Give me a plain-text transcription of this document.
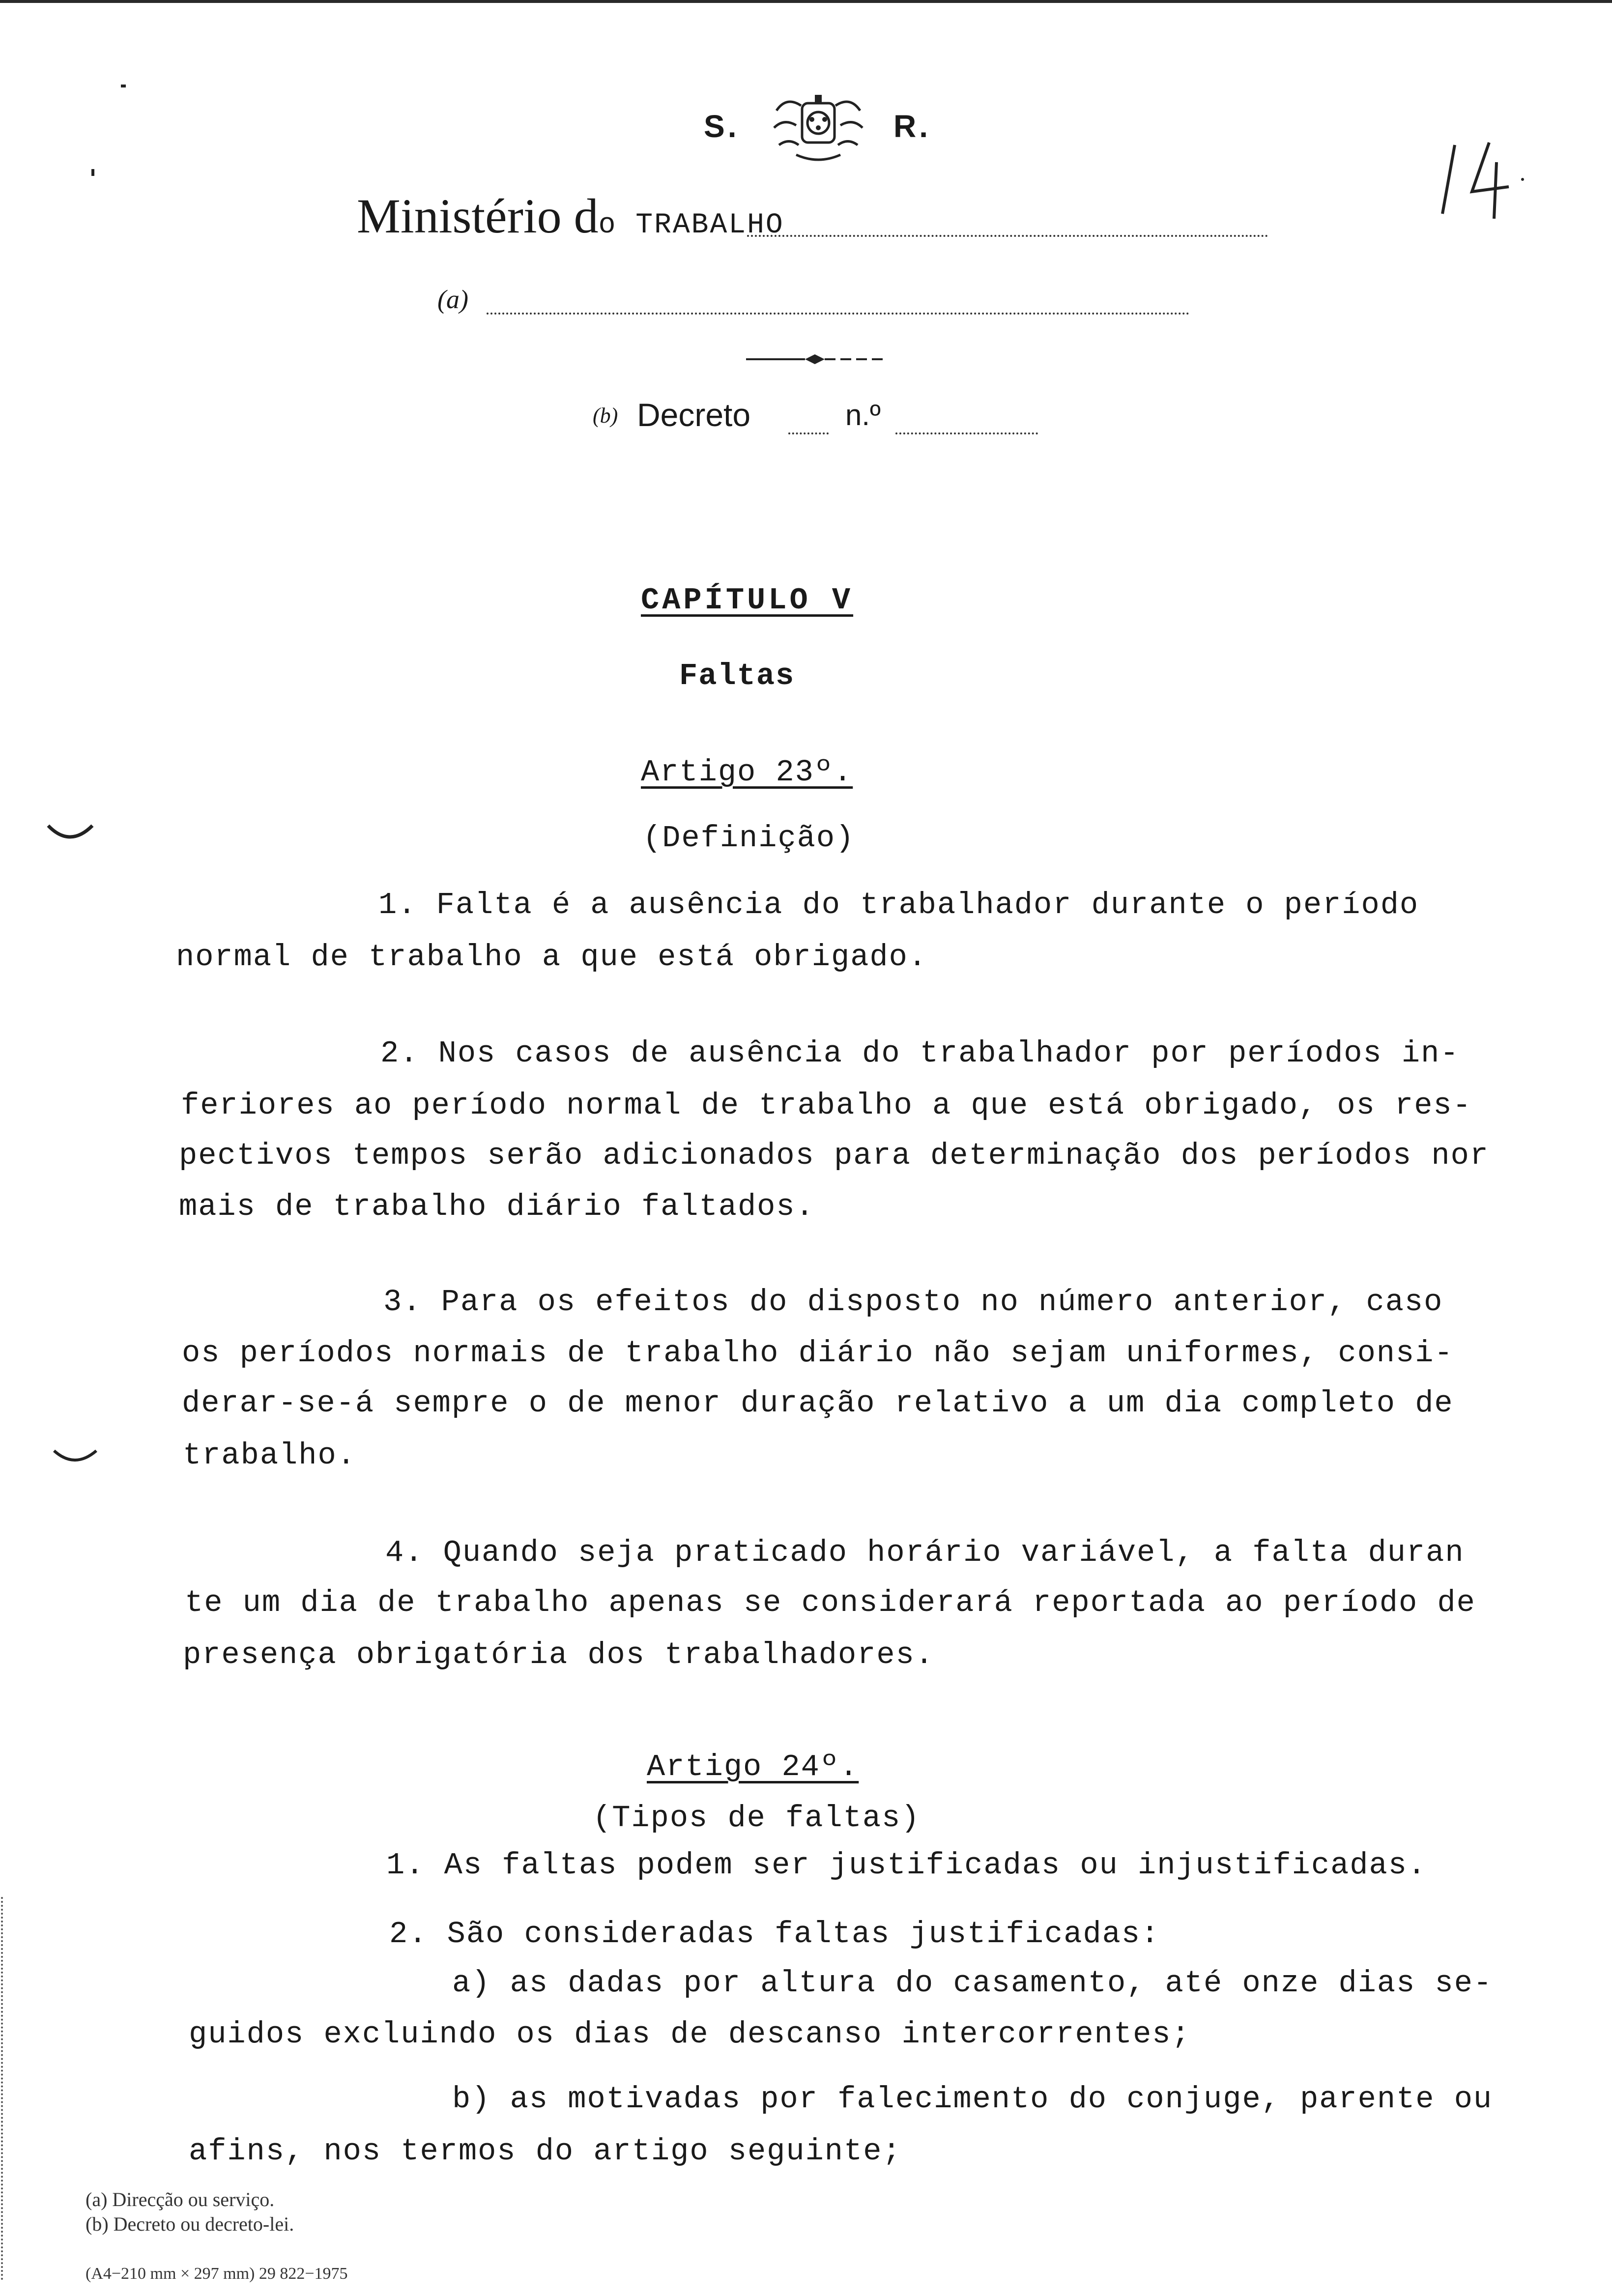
S.	R.
Ministério do TRABALHO
(a)
(b) Decreto	n.º
CAPÍTULO V
Faltas
Artigo 23º.
(Definição)
1. Falta é a ausência do trabalhador durante o período
normal de trabalho a que está obrigado.
2. Nos casos de ausência do trabalhador por períodos in-
feriores ao período normal de trabalho a que está obrigado, os res-
pectivos tempos serão adicionados para determinação dos períodos nor
mais de trabalho diário faltados.
3. Para os efeitos do disposto no número anterior, caso
os períodos normais de trabalho diário não sejam uniformes, consi-
derar-se-á sempre o de menor duração relativo a um dia completo de
trabalho.
4. Quando seja praticado horário variável, a falta duran
te um dia de trabalho apenas se considerará reportada ao período de
presença obrigatória dos trabalhadores.
Artigo 24º.
(Tipos de faltas)
1. As faltas podem ser justificadas ou injustificadas.
2. São consideradas faltas justificadas:
a) as dadas por altura do casamento, até onze dias se-
guidos excluindo os dias de descanso intercorrentes;
b) as motivadas por falecimento do conjuge, parente ou
afins, nos termos do artigo seguinte;
(a) Direcção ou serviço.
(b) Decreto ou decreto-lei.
(A4−210 mm × 297 mm) 29 822−1975
